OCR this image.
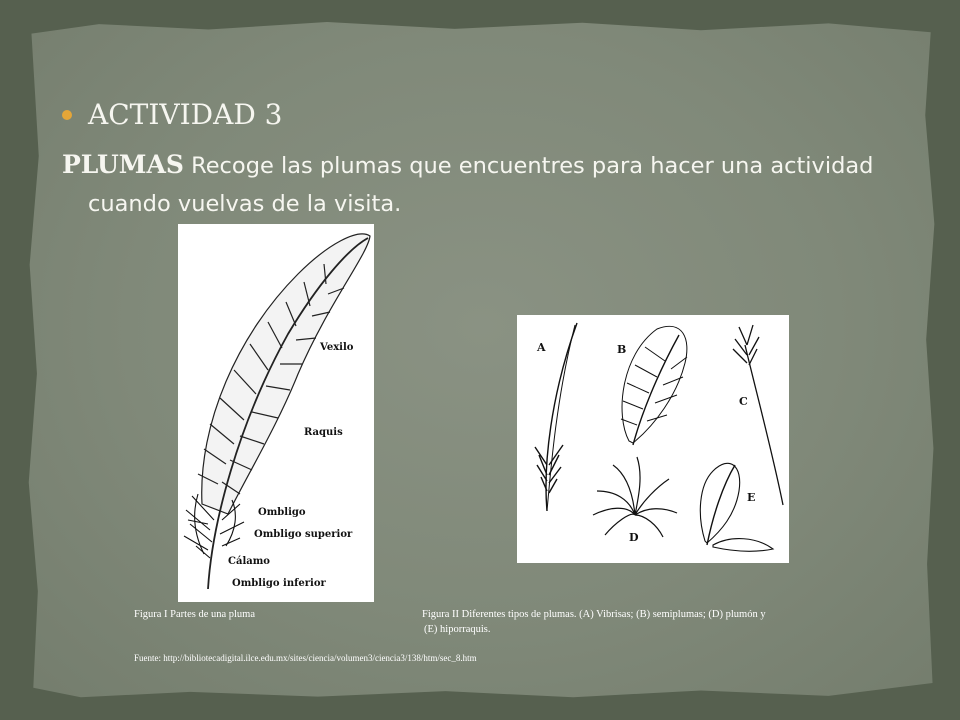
ACTIVIDAD 3
PLUMAS Recoge las plumas que encuentres para hacer una actividad cuando vuelvas de la visita.
Vexilo
Raquis
Ombligo
Ombligo superior
Cálamo
Ombligo inferior
A	B
C
D
E
Figura I Partes de una pluma	Figura II Diferentes tipos de plumas. (A) Vibrisas; (B) semiplumas; (D) plumón y
(E) hiporraquis.
Fuente: http://bibliotecadigital.ilce.edu.mx/sites/ciencia/volumen3/ciencia3/138/htm/sec_8.htm
